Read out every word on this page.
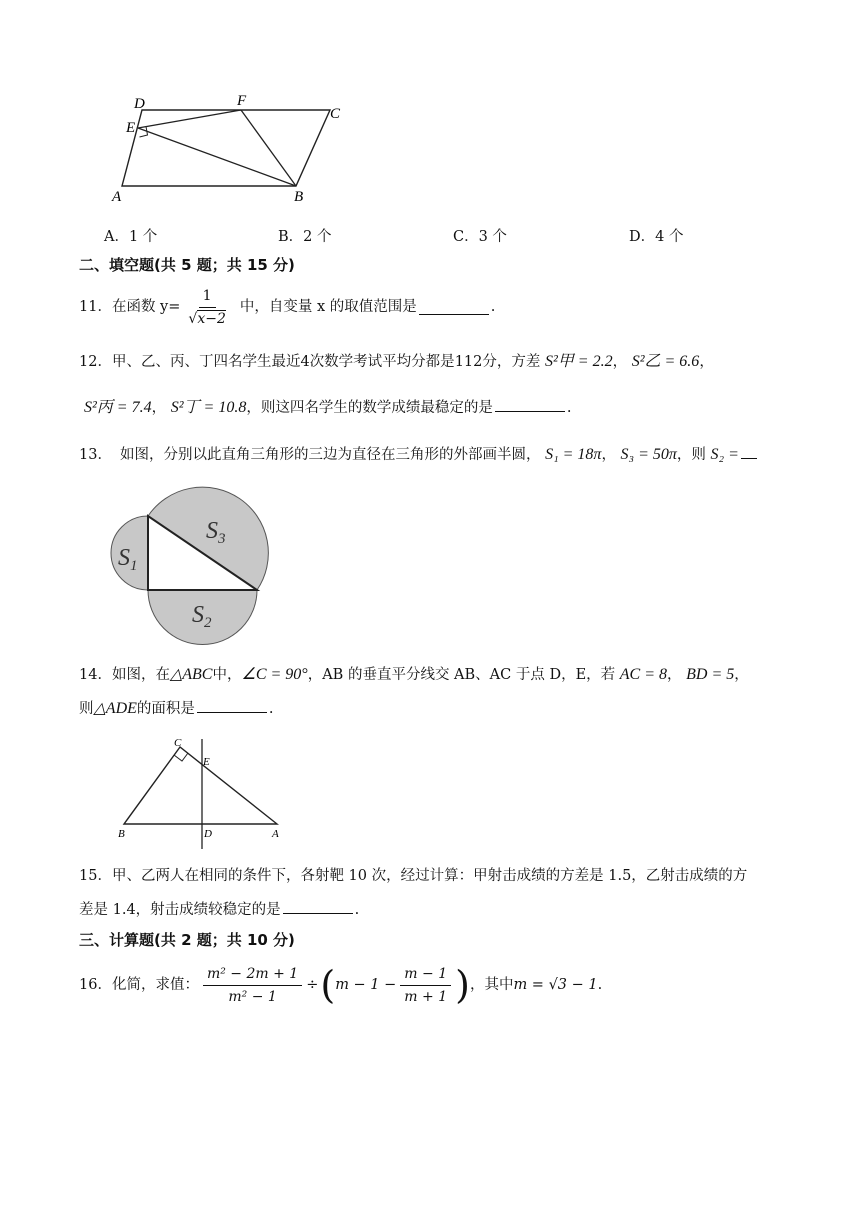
D	F
C
E
A	B
A．1 个	B．2 个	C．3 个	D．4 个
二、填空题(共 5 题；共 15 分)
11． 在函数 $y= \frac{1}{√x-2}$ 中，自变量 x 的取值范围是	.
12．甲、乙、丙、丁四名学生最近4次数学考试平均分都是112分，方差 S²甲 = 2.2， S²乙 = 6.6，
S²丙 = 7.4， S²丁 = 10.8，则这四名学生的数学成绩最稳定的是	.
13． 如图，分别以此直角三角形的三边为直径在三角形的外部画半圆， S₁ = 18π， S₃ = 50π，则 S₂ =
$S_1$
$S_3$
$S_2$
14．如图，在△ABC中，∠C = 90°，AB 的垂直平分线交 AB、AC 于点 D，E，若 AC = 8， BD = 5，
则△ADE的面积是	.
C
E
B	D	A
15．甲、乙两人在相同的条件下，各射靶 10 次，经过计算：甲射击成绩的方差是 1.5，乙射击成绩的方
差是 1.4，射击成绩较稳定的是	.
三、计算题(共 2 题；共 10 分)
16． 化简，求值： $\frac{\text{m² − 2m + 1}}{\text{m² − 1}}$ ÷ ( $m - 1 - \frac{m - 1}{m + 1}$ ) ，其中 m = √3 − 1 .
